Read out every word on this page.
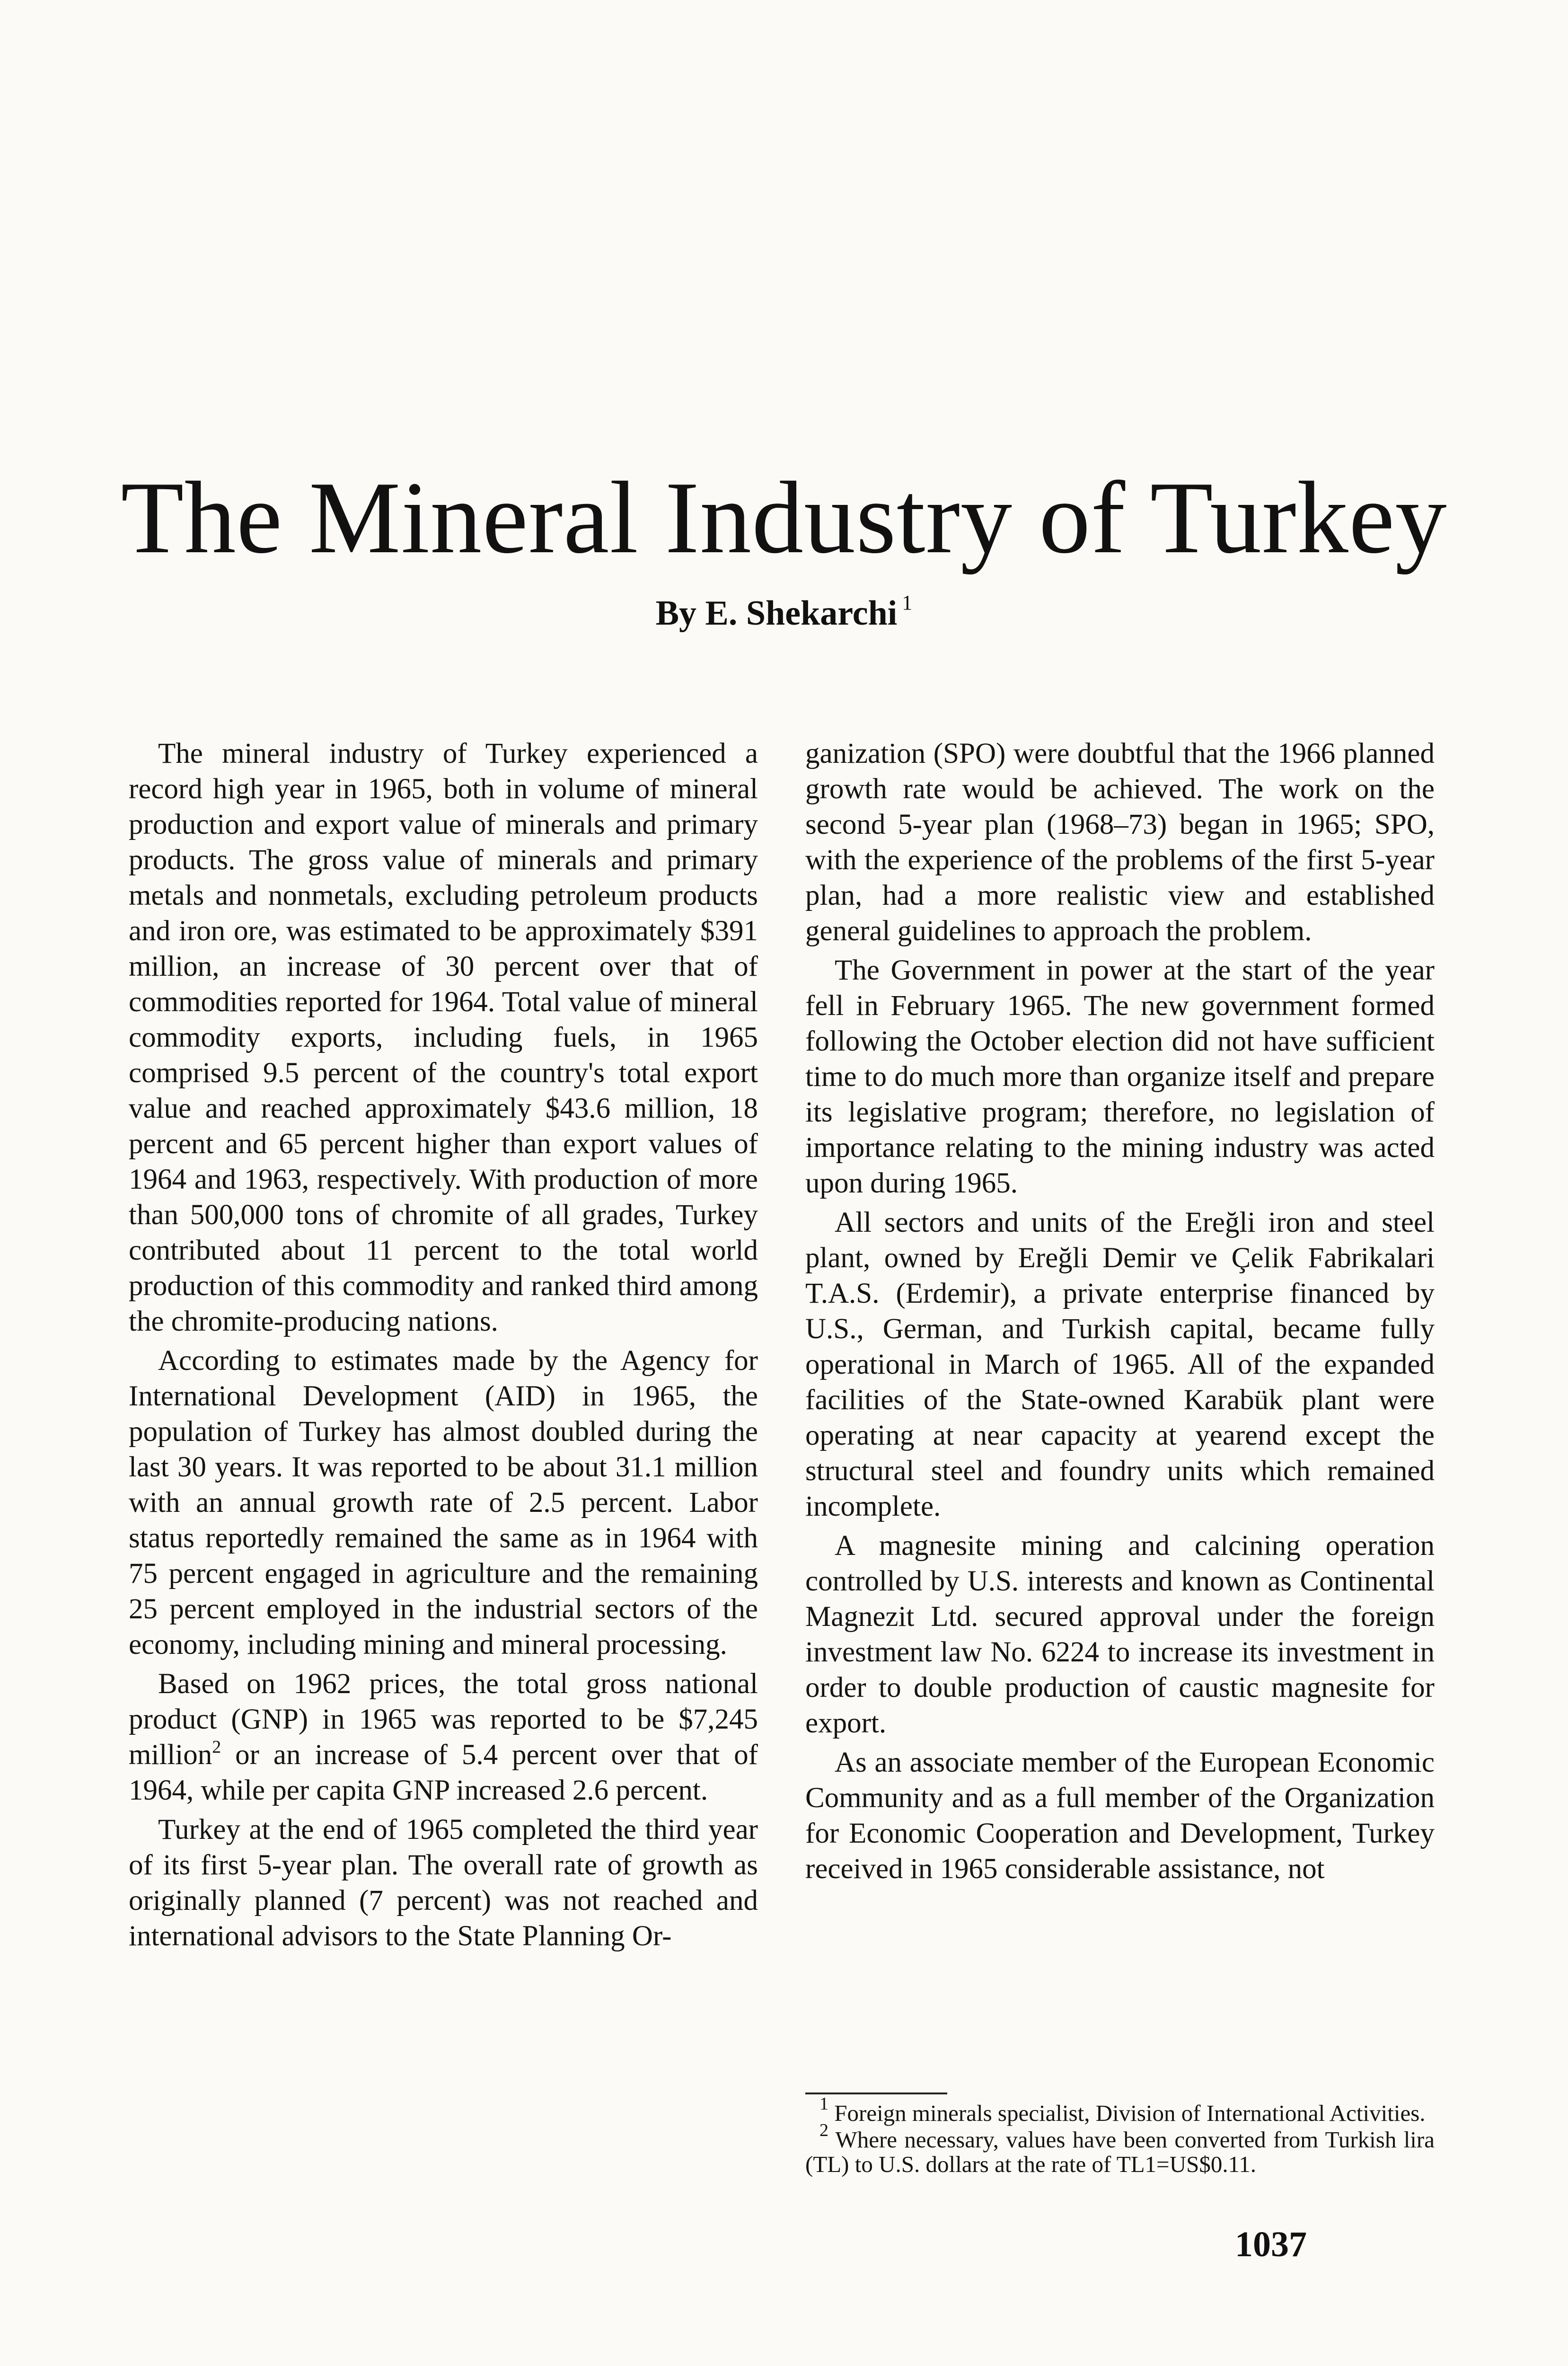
The Mineral Industry of Turkey
By E. Shekarchi $^1$

The mineral industry of Turkey experienced a record high year in 1965, both in volume of mineral production and export value of minerals and primary products. The gross value of minerals and primary metals and nonmetals, excluding petroleum products and iron ore, was estimated to be approximately $391 million, an increase of 30 percent over that of commodities reported for 1964. Total value of mineral commodity exports, including fuels, in 1965 comprised 9.5 percent of the country's total export value and reached approximately $43.6 million, 18 percent and 65 percent higher than export values of 1964 and 1963, respectively. With production of more than 500,000 tons of chromite of all grades, Turkey contributed about 11 percent to the total world production of this commodity and ranked third among the chromite-producing nations.

According to estimates made by the Agency for International Development (AID) in 1965, the population of Turkey has almost doubled during the last 30 years. It was reported to be about 31.1 million with an annual growth rate of 2.5 percent. Labor status reportedly remained the same as in 1964 with 75 percent engaged in agriculture and the remaining 25 percent employed in the industrial sectors of the economy, including mining and mineral processing.

Based on 1962 prices, the total gross national product (GNP) in 1965 was reported to be $7,245 million$^2$ or an increase of 5.4 percent over that of 1964, while per capita GNP increased 2.6 percent.

Turkey at the end of 1965 completed the third year of its first 5-year plan. The overall rate of growth as originally planned (7 percent) was not reached and international advisors to the State Planning Or-

ganization (SPO) were doubtful that the 1966 planned growth rate would be achieved. The work on the second 5-year plan (1968–73) began in 1965; SPO, with the experience of the problems of the first 5-year plan, had a more realistic view and established general guidelines to approach the problem.

The Government in power at the start of the year fell in February 1965. The new government formed following the October election did not have sufficient time to do much more than organize itself and prepare its legislative program; therefore, no legislation of importance relating to the mining industry was acted upon during 1965.

All sectors and units of the Ereğli iron and steel plant, owned by Ereğli Demir ve Çelik Fabrikalari T.A.S. (Erdemir), a private enterprise financed by U.S., German, and Turkish capital, became fully operational in March of 1965. All of the expanded facilities of the State-owned Karabük plant were operating at near capacity at yearend except the structural steel and foundry units which remained incomplete.

A magnesite mining and calcining operation controlled by U.S. interests and known as Continental Magnezit Ltd. secured approval under the foreign investment law No. 6224 to increase its investment in order to double production of caustic magnesite for export.

As an associate member of the European Economic Community and as a full member of the Organization for Economic Cooperation and Development, Turkey received in 1965 considerable assistance, not

$^1$ Foreign minerals specialist, Division of International Activities.

$^2$ Where necessary, values have been converted from Turkish lira (TL) to U.S. dollars at the rate of TL1=US$0.11.

1037
